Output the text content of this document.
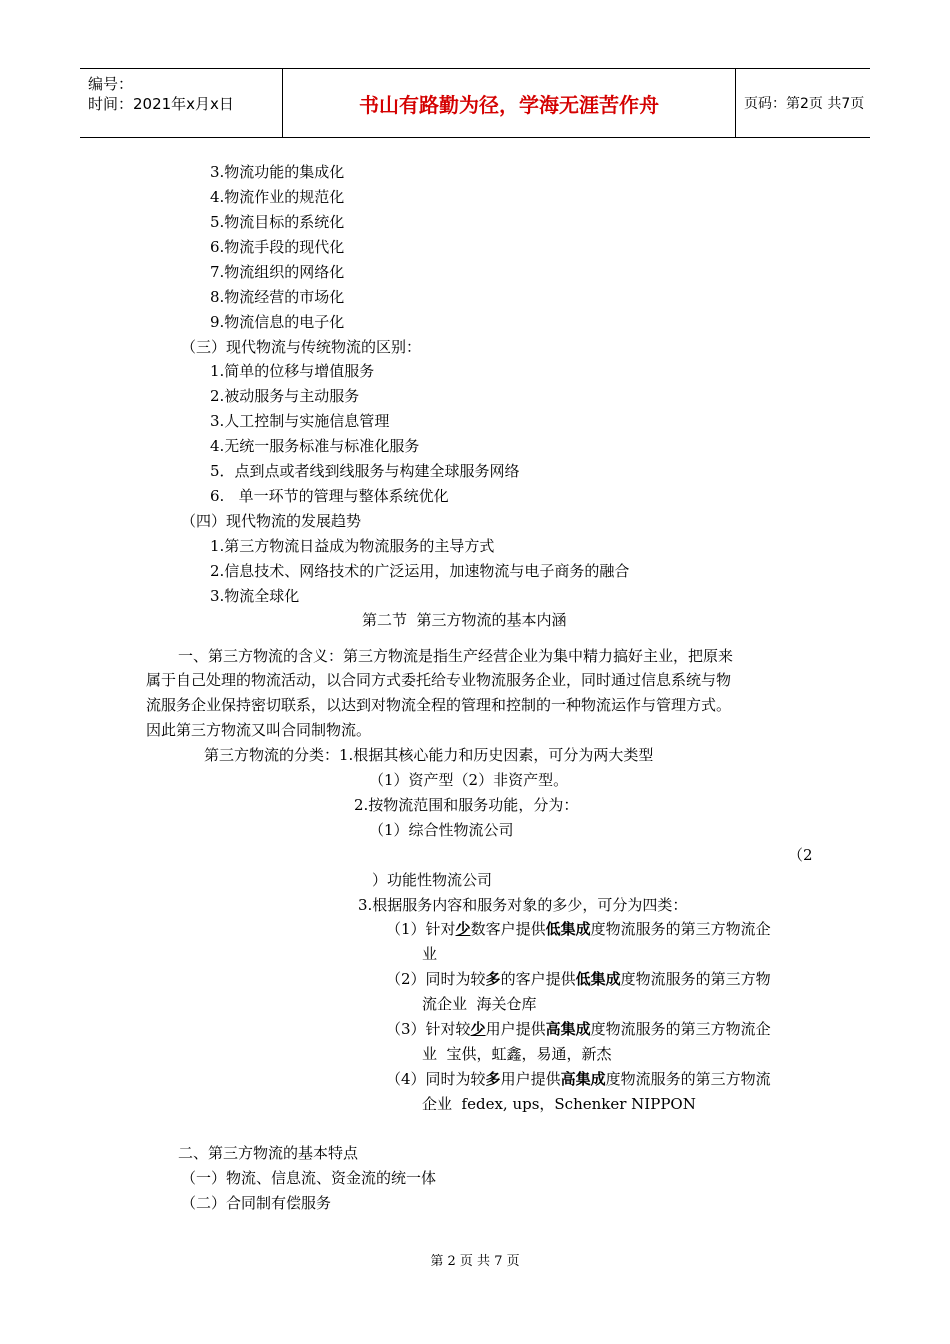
编号：
时间：2021年x月x日	书山有路勤为径，学海无涯苦作舟	页码：第2页 共7页
3.物流功能的集成化
4.物流作业的规范化
5.物流目标的系统化
6.物流手段的现代化
7.物流组织的网络化
8.物流经营的市场化
9.物流信息的电子化
（三）现代物流与传统物流的区别：
1.简单的位移与增值服务
2.被动服务与主动服务
3.人工控制与实施信息管理
4.无统一服务标准与标准化服务
5．点到点或者线到线服务与构建全球服务网络
6.   单一环节的管理与整体系统优化
（四）现代物流的发展趋势
1.第三方物流日益成为物流服务的主导方式
2.信息技术、网络技术的广泛运用，加速物流与电子商务的融合
3.物流全球化
第二节  第三方物流的基本内涵
一、第三方物流的含义：第三方物流是指生产经营企业为集中精力搞好主业，把原来
属于自己处理的物流活动，以合同方式委托给专业物流服务企业，同时通过信息系统与物
流服务企业保持密切联系，以达到对物流全程的管理和控制的一种物流运作与管理方式。
因此第三方物流又叫合同制物流。
第三方物流的分类：1.根据其核心能力和历史因素，可分为两大类型
（1）资产型（2）非资产型。
2.按物流范围和服务功能，分为：
（1）综合性物流公司
（2
）功能性物流公司
3.根据服务内容和服务对象的多少，可分为四类：
（1）针对少数客户提供低集成度物流服务的第三方物流企
业
（2）同时为较多的客户提供低集成度物流服务的第三方物
流企业  海关仓库
（3）针对较少用户提供高集成度物流服务的第三方物流企
业  宝供，虹鑫，易通，新杰
（4）同时为较多用户提供高集成度物流服务的第三方物流
企业  fedex, ups，Schenker NIPPON
二、第三方物流的基本特点
（一）物流、信息流、资金流的统一体
（二）合同制有偿服务
第 2 页 共 7 页
